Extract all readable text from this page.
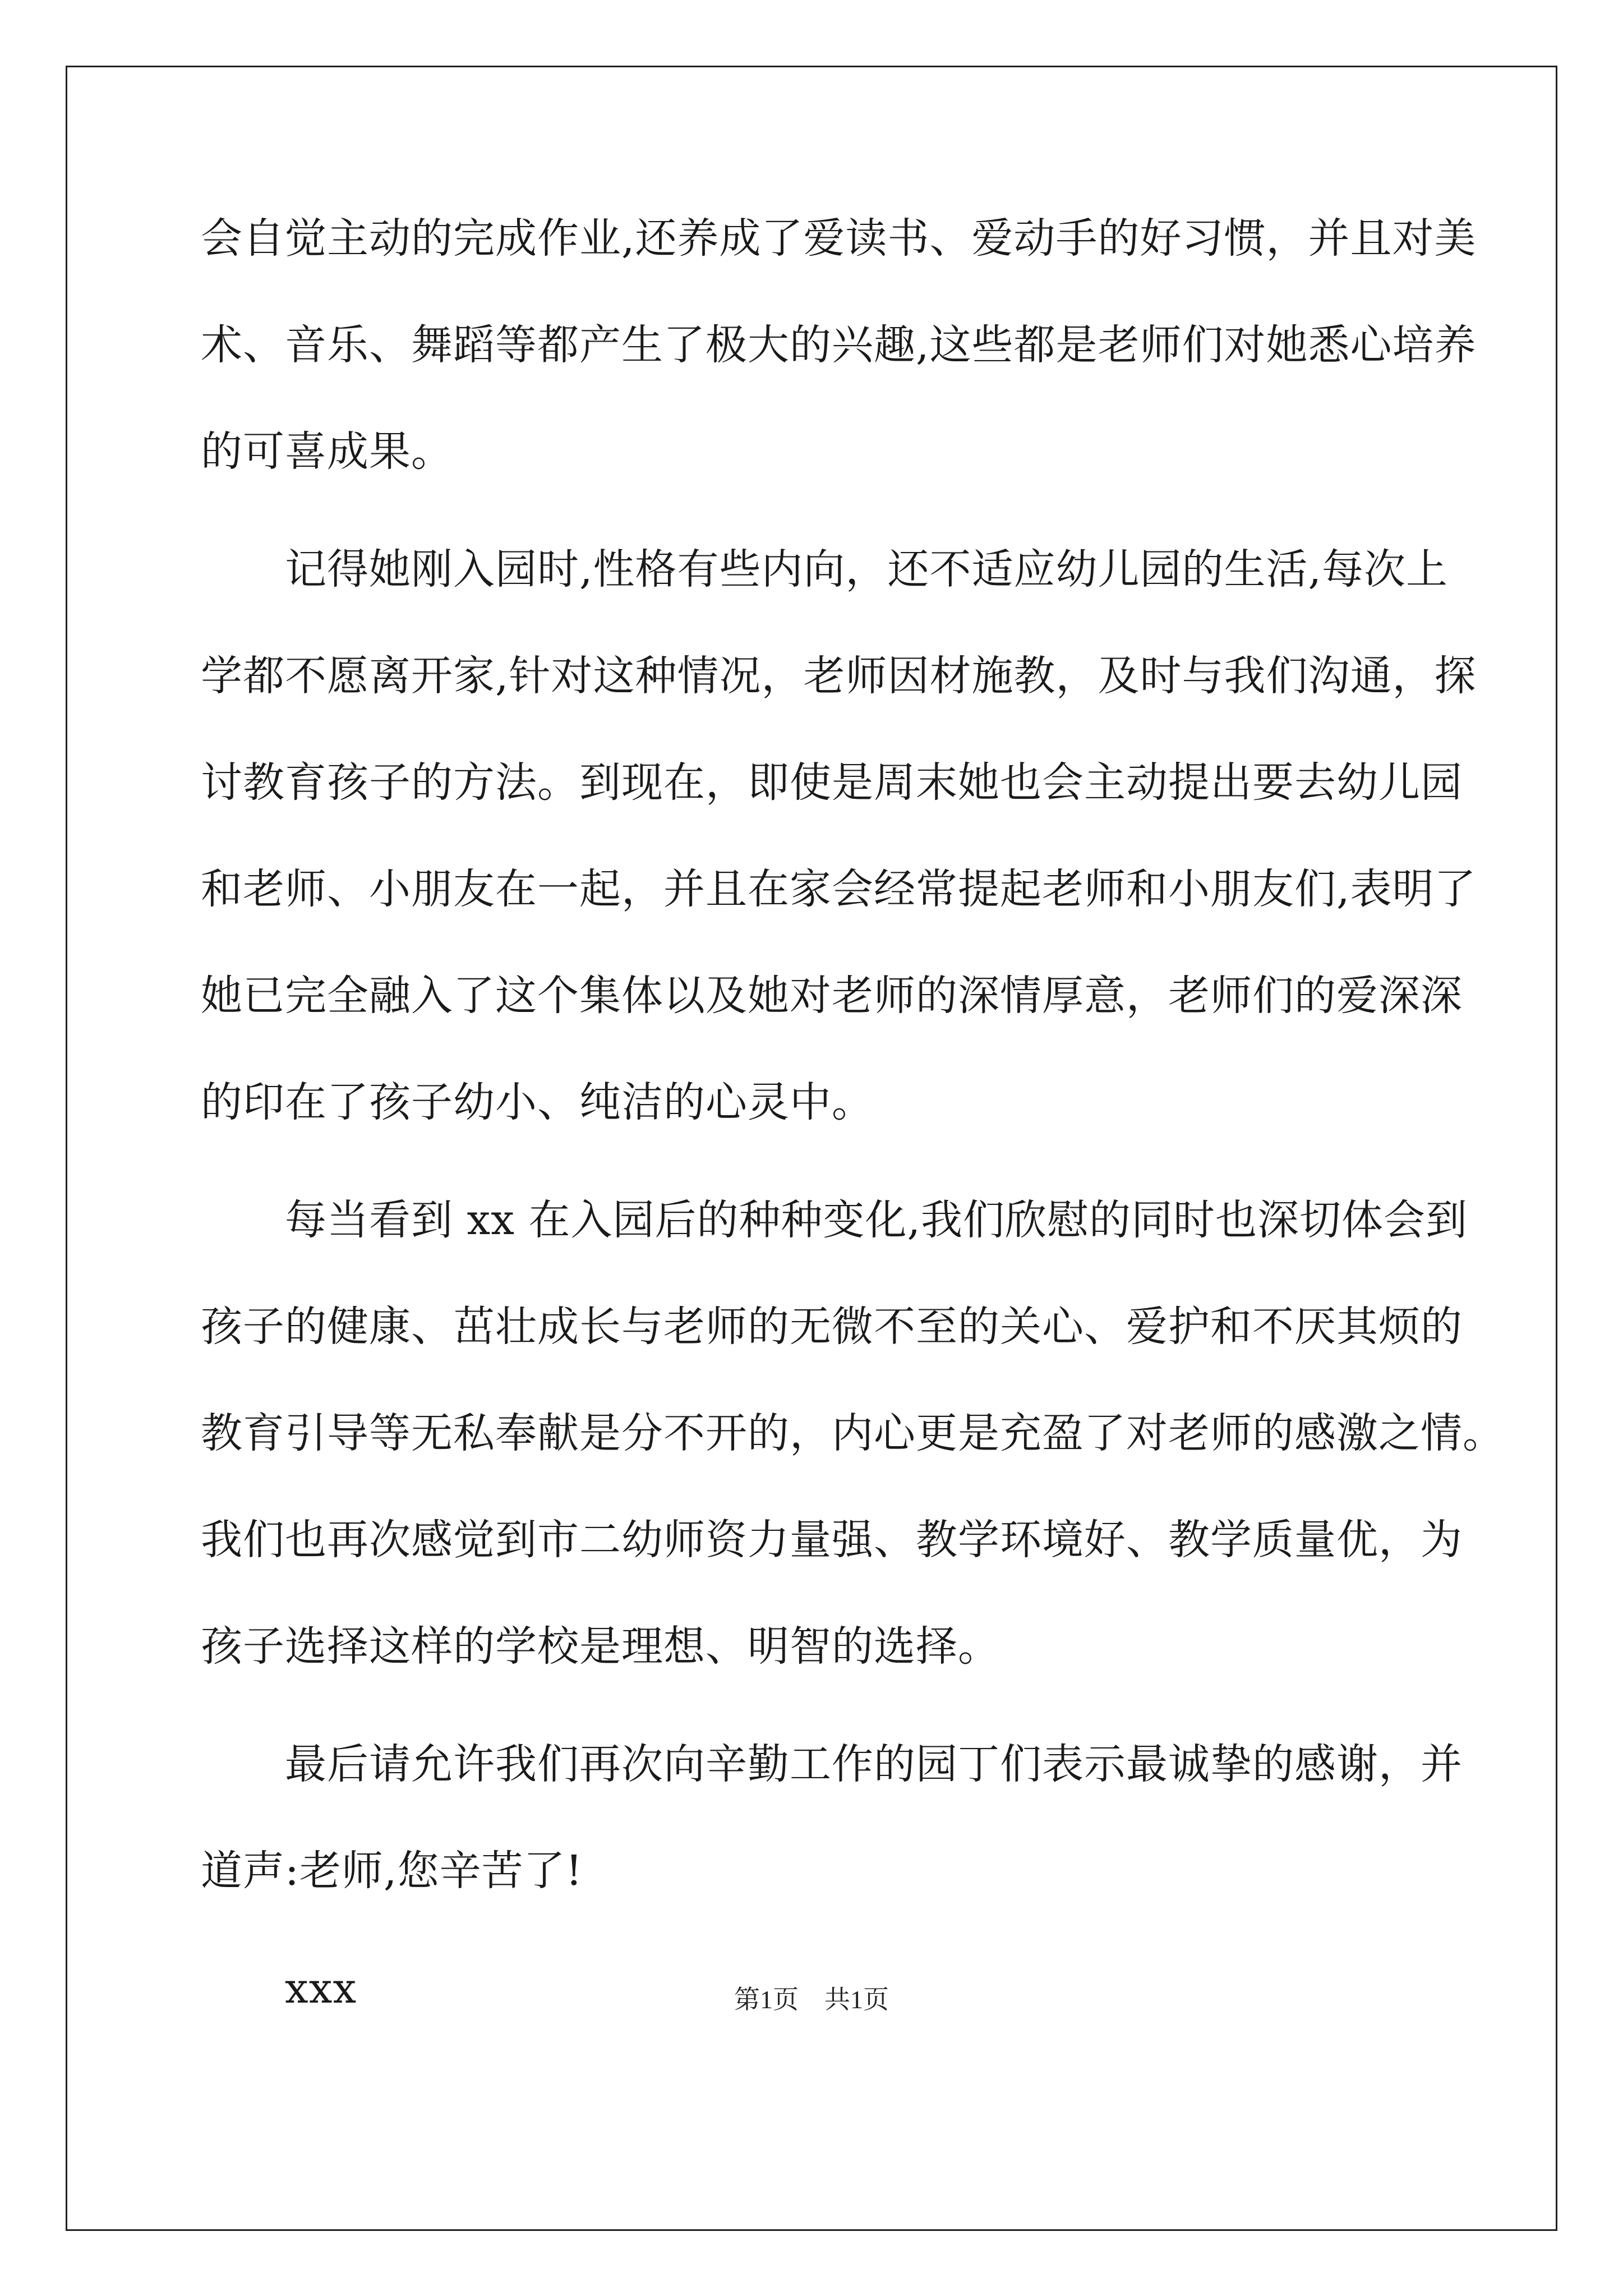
会自觉主动的完成作业,还养成了爱读书、爱动手的好习惯，并且对美
术、音乐、舞蹈等都产生了极大的兴趣,这些都是老师们对她悉心培养
的可喜成果。
记得她刚入园时,性格有些内向，还不适应幼儿园的生活,每次上
学都不愿离开家,针对这种情况，老师因材施教，及时与我们沟通，探
讨教育孩子的方法。到现在，即使是周末她也会主动提出要去幼儿园
和老师、小朋友在一起，并且在家会经常提起老师和小朋友们,表明了
她已完全融入了这个集体以及她对老师的深情厚意，老师们的爱深深
的印在了孩子幼小、纯洁的心灵中。
每当看到 xx 在入园后的种种变化,我们欣慰的同时也深切体会到
孩子的健康、茁壮成长与老师的无微不至的关心、爱护和不厌其烦的
教育引导等无私奉献是分不开的，内心更是充盈了对老师的感激之情。
我们也再次感觉到市二幼师资力量强、教学环境好、教学质量优，为
孩子选择这样的学校是理想、明智的选择。
最后请允许我们再次向辛勤工作的园丁们表示最诚挚的感谢，并
道声:老师,您辛苦了!
xxx	第1页　共1页
